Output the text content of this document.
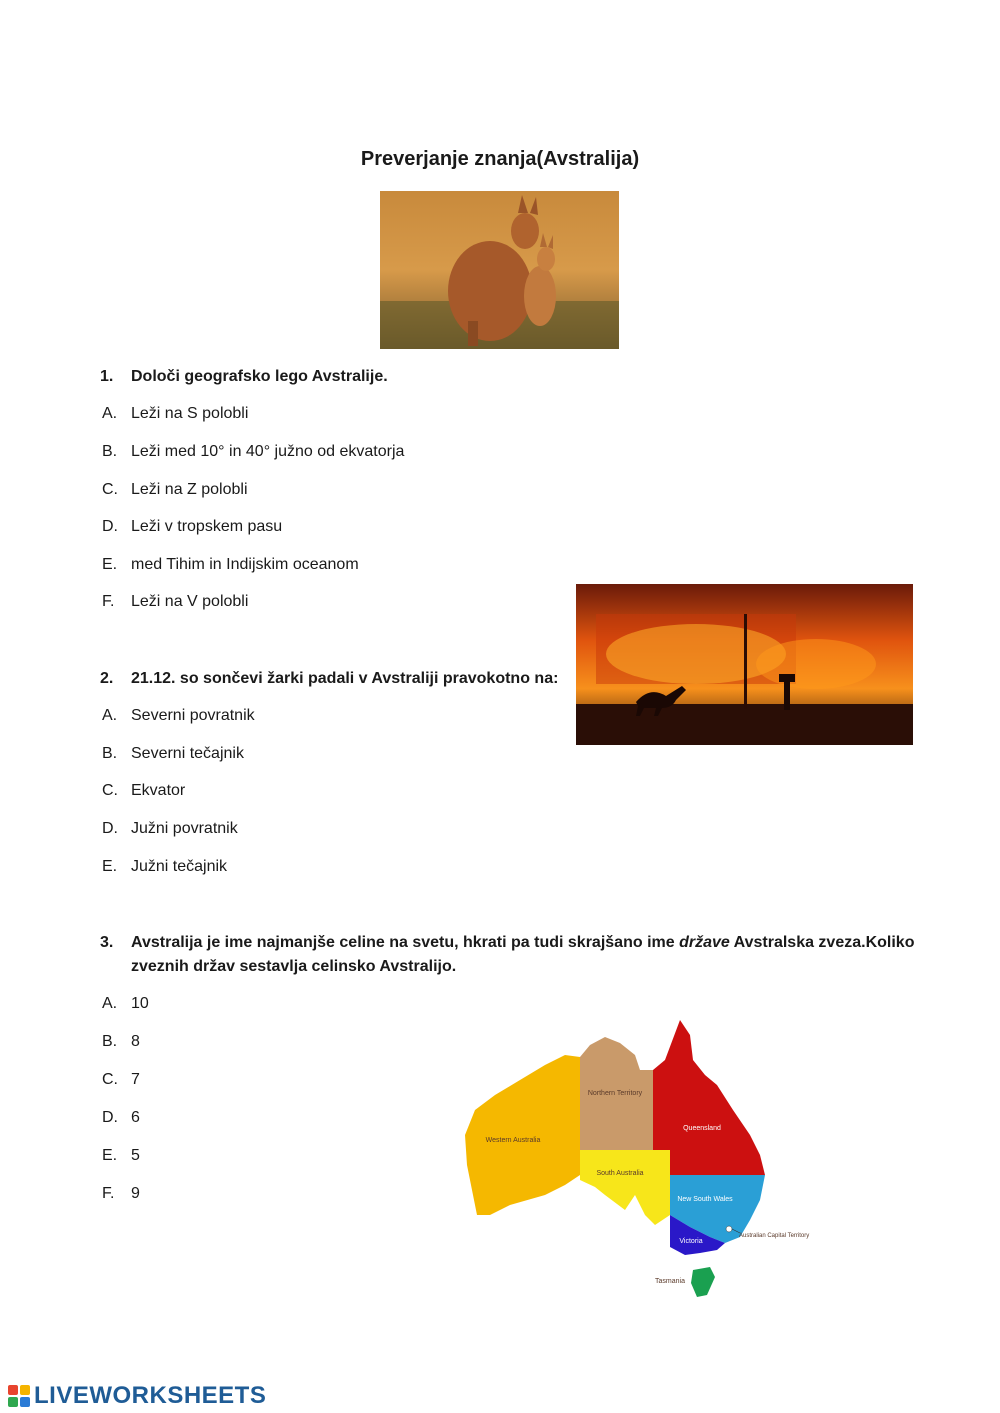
Preverjanje znanja(Avstralija)
1. Določi geografsko lego Avstralije.
A. Leži na S polobli
B. Leži med 10° in 40° južno od ekvatorja
C. Leži na Z polobli
D. Leži v tropskem pasu
E. med Tihim in Indijskim oceanom
F. Leži na V polobli
2. 21.12. so sončevi žarki padali v Avstraliji pravokotno na:
A. Severni povratnik
B. Severni tečajnik
C. Ekvator
D. Južni povratnik
E. Južni tečajnik
3.	Avstralija je ime najmanjše celine na svetu, hkrati pa tudi skrajšano ime države Avstralska zveza.Koliko zveznih držav sestavlja celinsko Avstralijo.
A. 10
B. 8
C. 7
D. 6
E. 5
F. 9
Western Australia
Northern Territory
Queensland
South Australia
New South Wales
Victoria
Australian Capital Territory
Tasmania
LIVEWORKSHEETS
